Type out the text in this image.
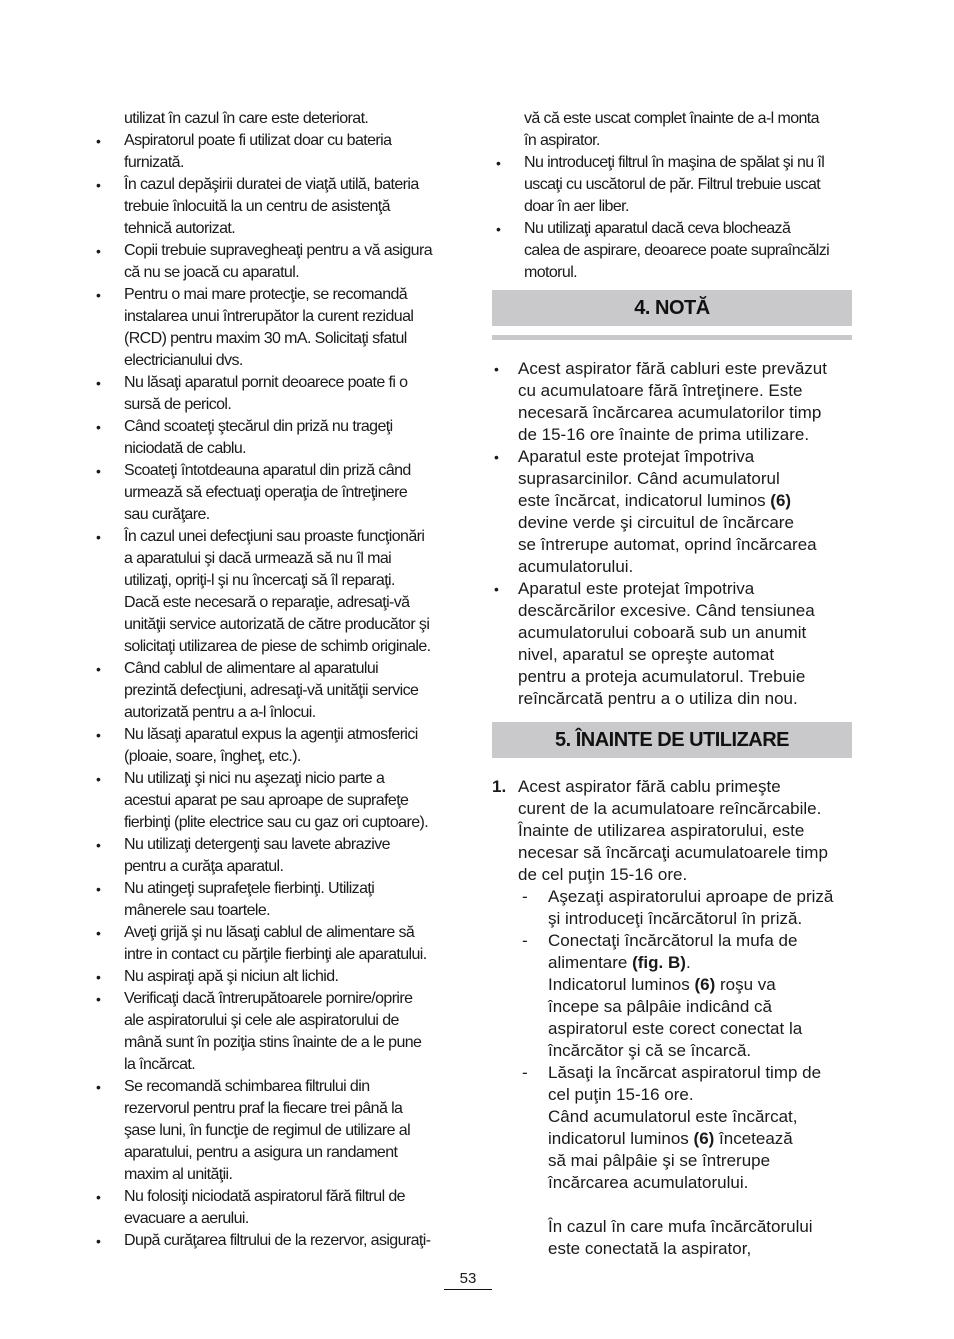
utilizat în cazul în care este deteriorat.
• Aspiratorul poate fi utilizat doar cu bateria
furnizată.
• În cazul depăşirii duratei de viaţă utilă, bateria
trebuie înlocuită la un centru de asistenţă
tehnică autorizat.
• Copii trebuie supravegheaţi pentru a vă asigura
că nu se joacă cu aparatul.
• Pentru o mai mare protecţie, se recomandă
instalarea unui întrerupător la curent rezidual
(RCD) pentru maxim 30 mA. Solicitaţi sfatul
electricianului dvs.
• Nu lăsaţi aparatul pornit deoarece poate fi o
sursă de pericol.
• Când scoateţi ştecărul din priză nu trageţi
niciodată de cablu.
• Scoateţi întotdeauna aparatul din priză când
urmează să efectuaţi operaţia de întreţinere
sau curăţare.
• În cazul unei defecţiuni sau proaste funcţionări
a aparatului şi dacă urmează să nu îl mai
utilizaţi, opriţi-l şi nu încercaţi să îl reparaţi.
Dacă este necesară o reparaţie, adresaţi-vă
unităţii service autorizată de către producător şi
solicitaţi utilizarea de piese de schimb originale.
• Când cablul de alimentare al aparatului
prezintă defecţiuni, adresaţi-vă unităţii service
autorizată pentru a a-l înlocui.
• Nu lăsaţi aparatul expus la agenţii atmosferici
(ploaie, soare, îngheţ, etc.).
• Nu utilizaţi şi nici nu aşezaţi nicio parte a
acestui aparat pe sau aproape de suprafeţe
fierbinţi (plite electrice sau cu gaz ori cuptoare).
• Nu utilizaţi detergenţi sau lavete abrazive
pentru a curăţa aparatul.
• Nu atingeţi suprafeţele fierbinţi. Utilizaţi
mânerele sau toartele.
• Aveţi grijă şi nu lăsaţi cablul de alimentare să
intre in contact cu părţile fierbinţi ale aparatului.
• Nu aspiraţi apă şi niciun alt lichid.
• Verificaţi dacă întrerupătoarele pornire/oprire
ale aspiratorului şi cele ale aspiratorului de
mână sunt în poziţia stins înainte de a le pune
la încărcat.
• Se recomandă schimbarea filtrului din
rezervorul pentru praf la fiecare trei până la
şase luni, în funcţie de regimul de utilizare al
aparatului, pentru a asigura un randament
maxim al unităţii.
• Nu folosiţi niciodată aspiratorul fără filtrul de
evacuare a aerului.
• După curăţarea filtrului de la rezervor, asiguraţi-
vă că este uscat complet înainte de a-l monta
în aspirator.
• Nu introduceţi filtrul în maşina de spălat şi nu îl
uscaţi cu uscătorul de păr. Filtrul trebuie uscat
doar în aer liber.
• Nu utilizaţi aparatul dacă ceva blochează
calea de aspirare, deoarece poate supraîncălzi
motorul.
4. NOTĂ
• Acest aspirator fără cabluri este prevăzut
cu acumulatoare fără întreţinere. Este
necesară încărcarea acumulatorilor timp
de 15-16 ore înainte de prima utilizare.
• Aparatul este protejat împotriva
suprasarcinilor. Când acumulatorul
este încărcat, indicatorul luminos (6)
devine verde şi circuitul de încărcare
se întrerupe automat, oprind încărcarea
acumulatorului.
• Aparatul este protejat împotriva
descărcărilor excesive. Când tensiunea
acumulatorului coboară sub un anumit
nivel, aparatul se opreşte automat
pentru a proteja acumulatorul. Trebuie
reîncărcată pentru a o utiliza din nou.
5. ÎNAINTE DE UTILIZARE
1. Acest aspirator fără cablu primeşte
curent de la acumulatoare reîncărcabile.
Înainte de utilizarea aspiratorului, este
necesar să încărcaţi acumulatoarele timp
de cel puţin 15-16 ore.
- Aşezaţi aspiratorului aproape de priză
şi introduceţi încărcătorul în priză.
- Conectaţi încărcătorul la mufa de
alimentare (fig. B).
Indicatorul luminos (6) roşu va
începe sa pâlpâie indicând că
aspiratorul este corect conectat la
încărcător şi că se încarcă.
- Lăsaţi la încărcat aspiratorul timp de
cel puţin 15-16 ore.
Când acumulatorul este încărcat,
indicatorul luminos (6) încetează
să mai pâlpâie şi se întrerupe
încărcarea acumulatorului.
În cazul în care mufa încărcătorului
este conectată la aspirator,
53
